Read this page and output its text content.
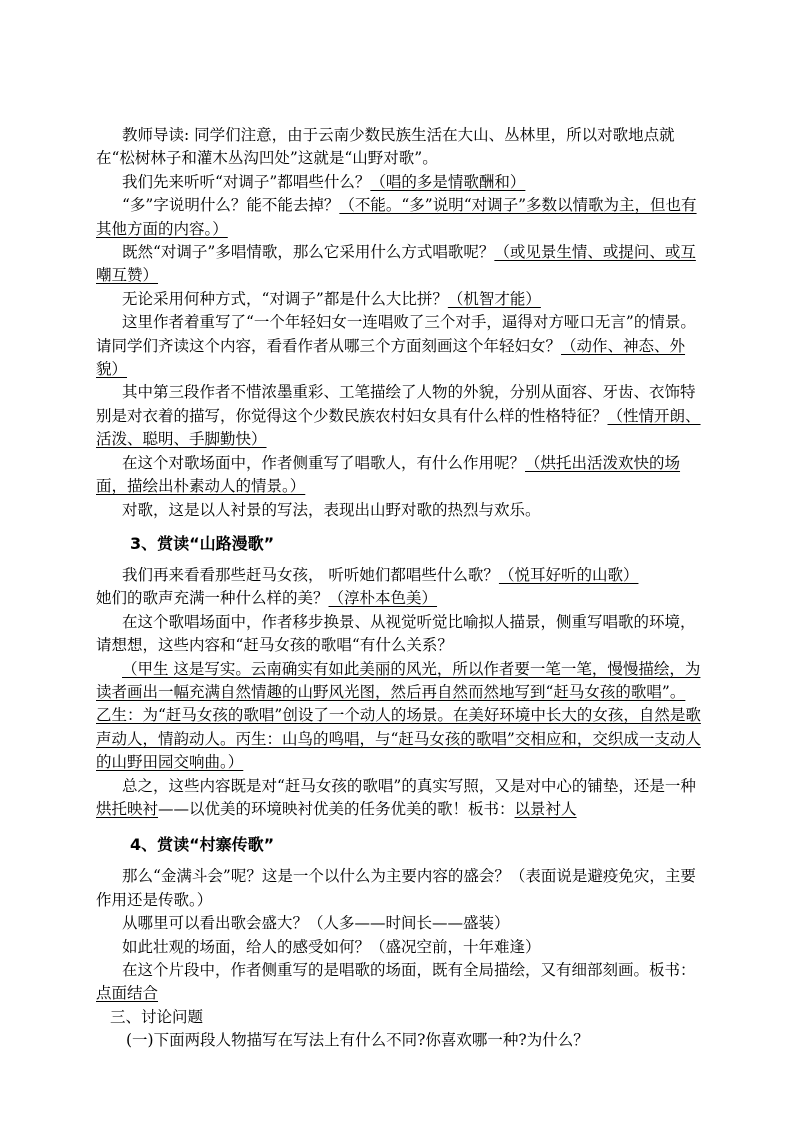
教师导读: 同学们注意，由于云南少数民族生活在大山、丛林里，所以对歌地点就在“松树林子和灌木丛沟凹处”这就是“山野对歌”。

我们先来听听“对调子”都唱些什么？（唱的多是情歌酬和）

“多”字说明什么？能不能去掉？（不能。“多”说明“对调子”多数以情歌为主，但也有其他方面的内容。）

既然“对调子”多唱情歌，那么它采用什么方式唱歌呢？（或见景生情、或提问、或互嘲互赞）

无论采用何种方式，“对调子”都是什么大比拼？（机智才能）

这里作者着重写了“一个年轻妇女一连唱败了三个对手，逼得对方哑口无言”的情景。请同学们齐读这个内容，看看作者从哪三个方面刻画这个年轻妇女？（动作、神态、外貌）

其中第三段作者不惜浓墨重彩、工笔描绘了人物的外貌，分别从面容、牙齿、衣饰特别是对衣着的描写，你觉得这个少数民族农村妇女具有什么样的性格特征？（性情开朗、活泼、聪明、手脚勤快）

在这个对歌场面中，作者侧重写了唱歌人，有什么作用呢？（烘托出活泼欢快的场面，描绘出朴素动人的情景。）

对歌，这是以人衬景的写法，表现出山野对歌的热烈与欢乐。

3、赏读“山路漫歌”

我们再来看看那些赶马女孩， 听听她们都唱些什么歌？（悦耳好听的山歌）

她们的歌声充满一种什么样的美？（淳朴本色美）

在这个歌唱场面中，作者移步换景、从视觉听觉比喻拟人描景，侧重写唱歌的环境，请想想，这些内容和“赶马女孩的歌唱“有什么关系？

（甲生 这是写实。云南确实有如此美丽的风光，所以作者要一笔一笔，慢慢描绘，为读者画出一幅充满自然情趣的山野风光图，然后再自然而然地写到“赶马女孩的歌唱”。

乙生：为“赶马女孩的歌唱”创设了一个动人的场景。在美好环境中长大的女孩，自然是歌声动人，情韵动人。丙生：山鸟的鸣唱，与“赶马女孩的歌唱”交相应和，交织成一支动人的山野田园交响曲。）

总之，这些内容既是对“赶马女孩的歌唱”的真实写照，又是对中心的铺垫，还是一种烘托映衬——以优美的环境映衬优美的任务优美的歌！板书：以景衬人

4、赏读“村寨传歌”

那么“金满斗会”呢？这是一个以什么为主要内容的盛会？（表面说是避疫免灾，主要作用还是传歌。）

从哪里可以看出歌会盛大？（人多——时间长——盛装）

如此壮观的场面，给人的感受如何？（盛况空前，十年难逢）

在这个片段中，作者侧重写的是唱歌的场面，既有全局描绘，又有细部刻画。板书：点面结合

三、讨论问题

(一)下面两段人物描写在写法上有什么不同?你喜欢哪一种?为什么？
